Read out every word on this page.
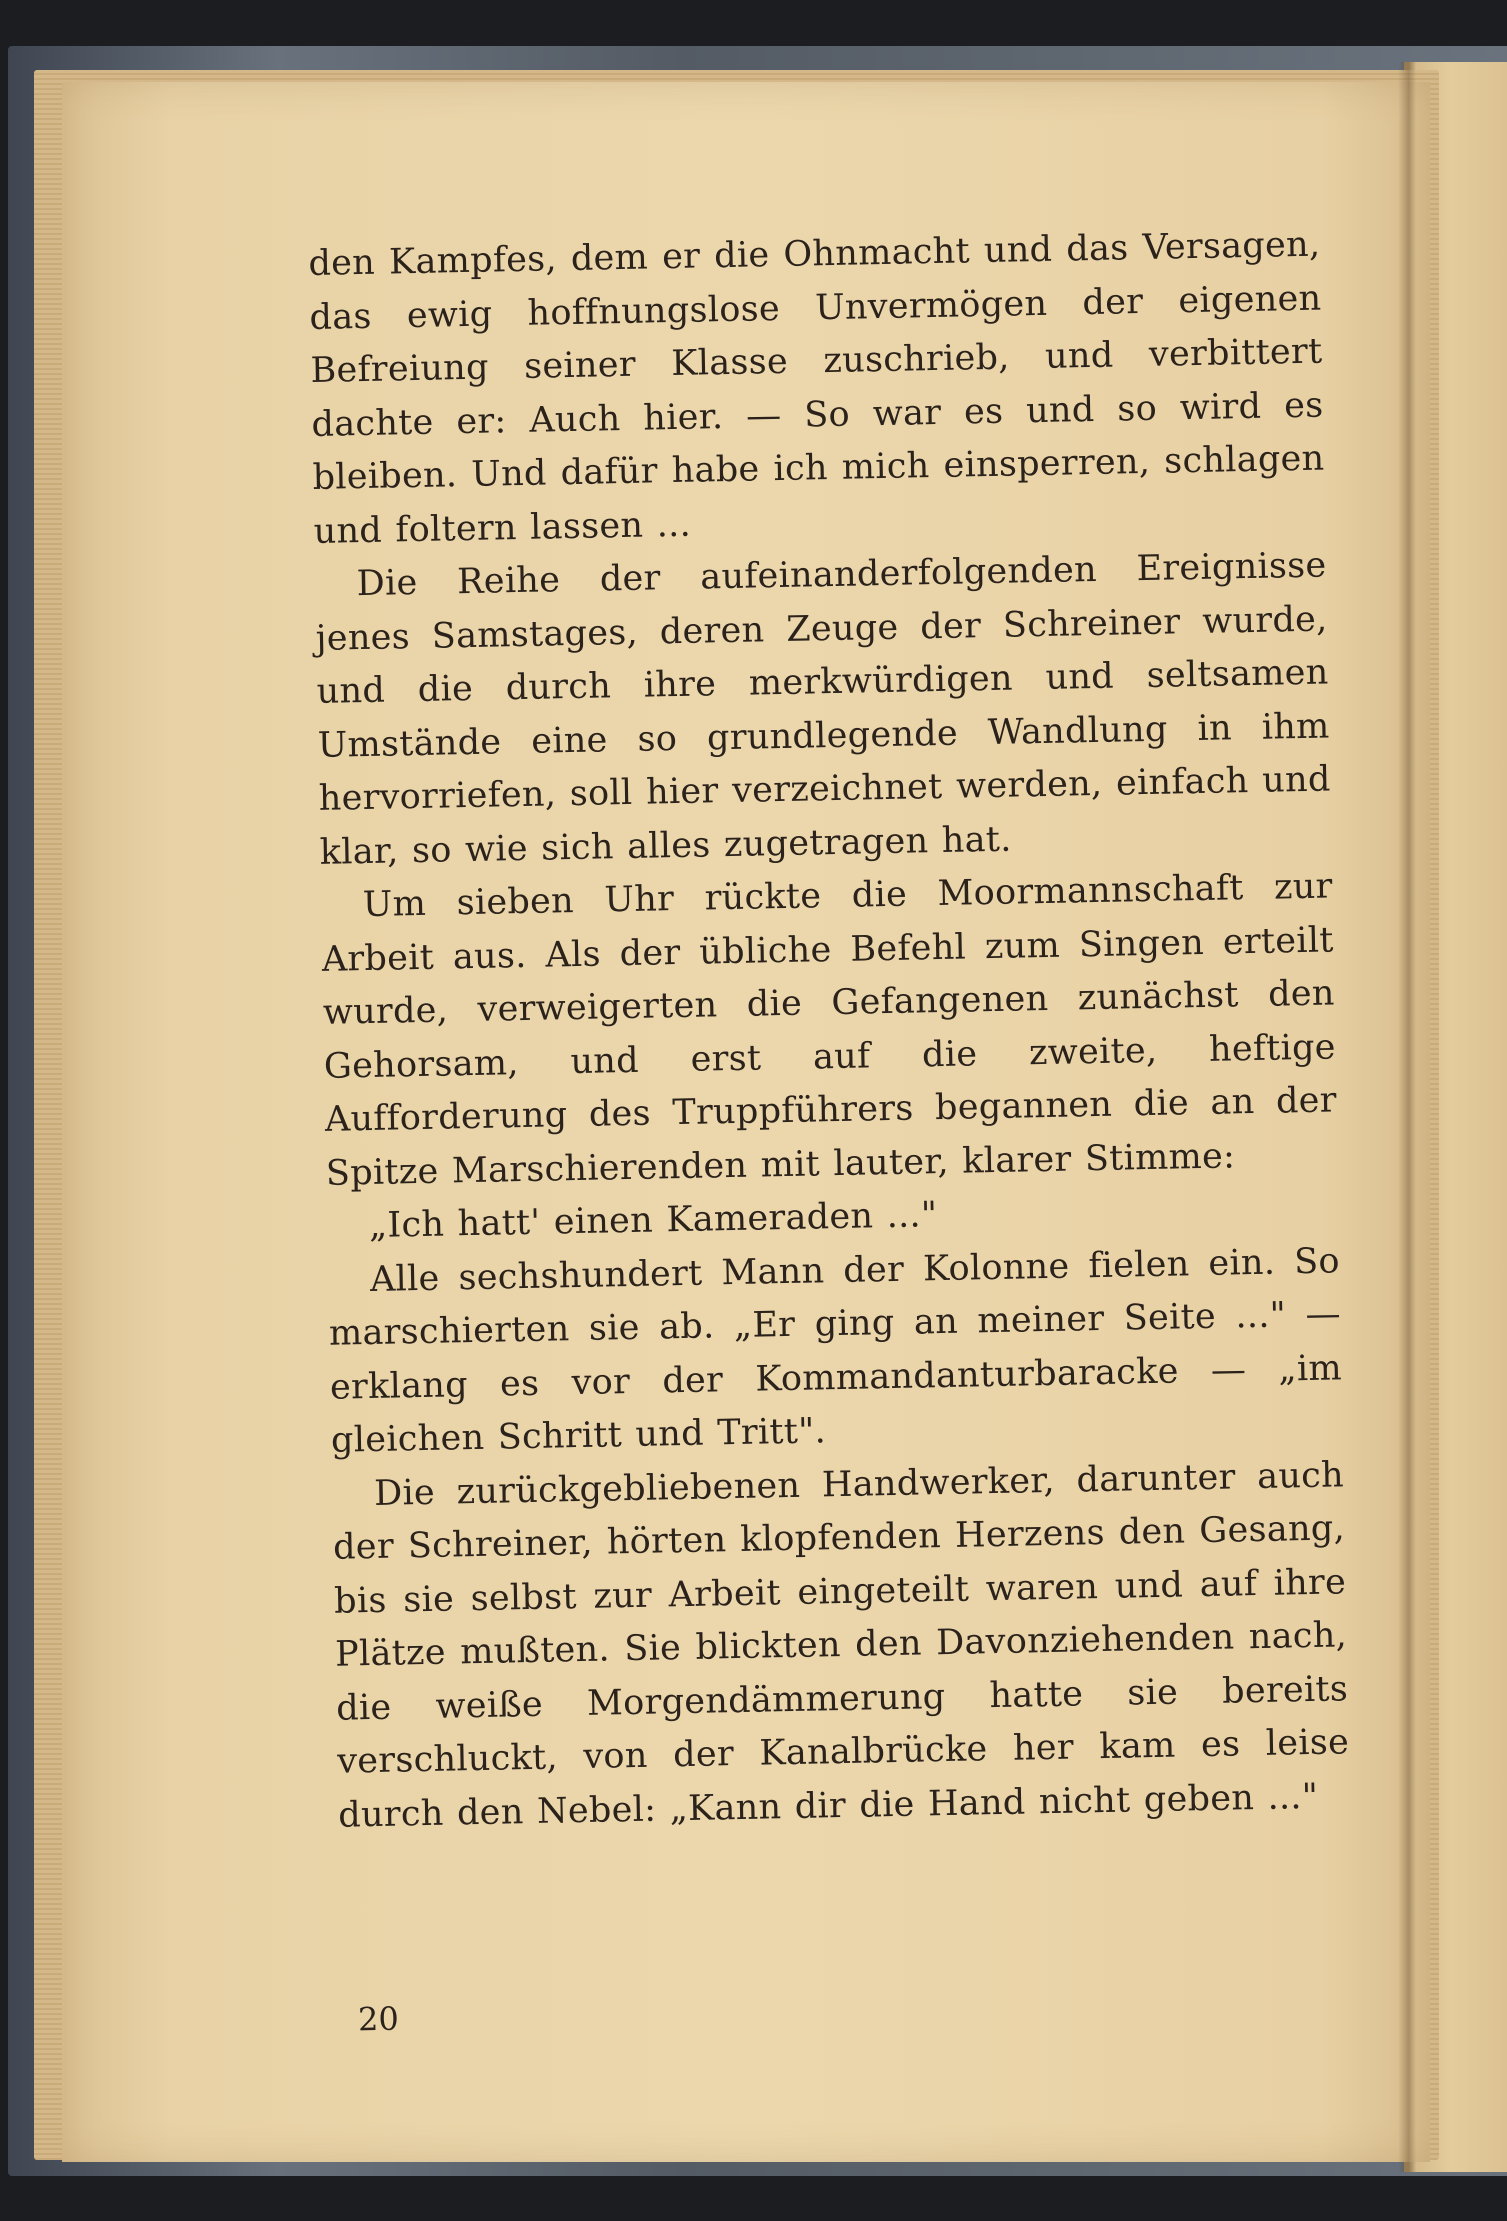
den Kampfes, dem er die Ohnmacht und das Versagen, das ewig hoffnungslose Unvermögen der eigenen Befreiung seiner Klasse zuschrieb, und verbittert dachte er: Auch hier. — So war es und so wird es bleiben. Und dafür habe ich mich einsperren, schlagen und foltern lassen ...

Die Reihe der aufeinanderfolgenden Ereignisse jenes Samstages, deren Zeuge der Schreiner wurde, und die durch ihre merkwürdigen und seltsamen Umstände eine so grundlegende Wandlung in ihm hervorriefen, soll hier verzeichnet werden, einfach und klar, so wie sich alles zugetragen hat.

Um sieben Uhr rückte die Moormannschaft zur Arbeit aus. Als der übliche Befehl zum Singen erteilt wurde, verweigerten die Gefangenen zunächst den Gehorsam, und erst auf die zweite, heftige Aufforderung des Truppführers begannen die an der Spitze Marschierenden mit lauter, klarer Stimme:

„Ich hatt' einen Kameraden ..."

Alle sechshundert Mann der Kolonne fielen ein. So marschierten sie ab. „Er ging an meiner Seite ..." — erklang es vor der Kommandanturbaracke — „im gleichen Schritt und Tritt".

Die zurückgebliebenen Handwerker, darunter auch der Schreiner, hörten klopfenden Herzens den Gesang, bis sie selbst zur Arbeit eingeteilt waren und auf ihre Plätze mußten. Sie blickten den Davonziehenden nach, die weiße Morgendämmerung hatte sie bereits verschluckt, von der Kanalbrücke her kam es leise durch den Nebel: „Kann dir die Hand nicht geben ..."

20
